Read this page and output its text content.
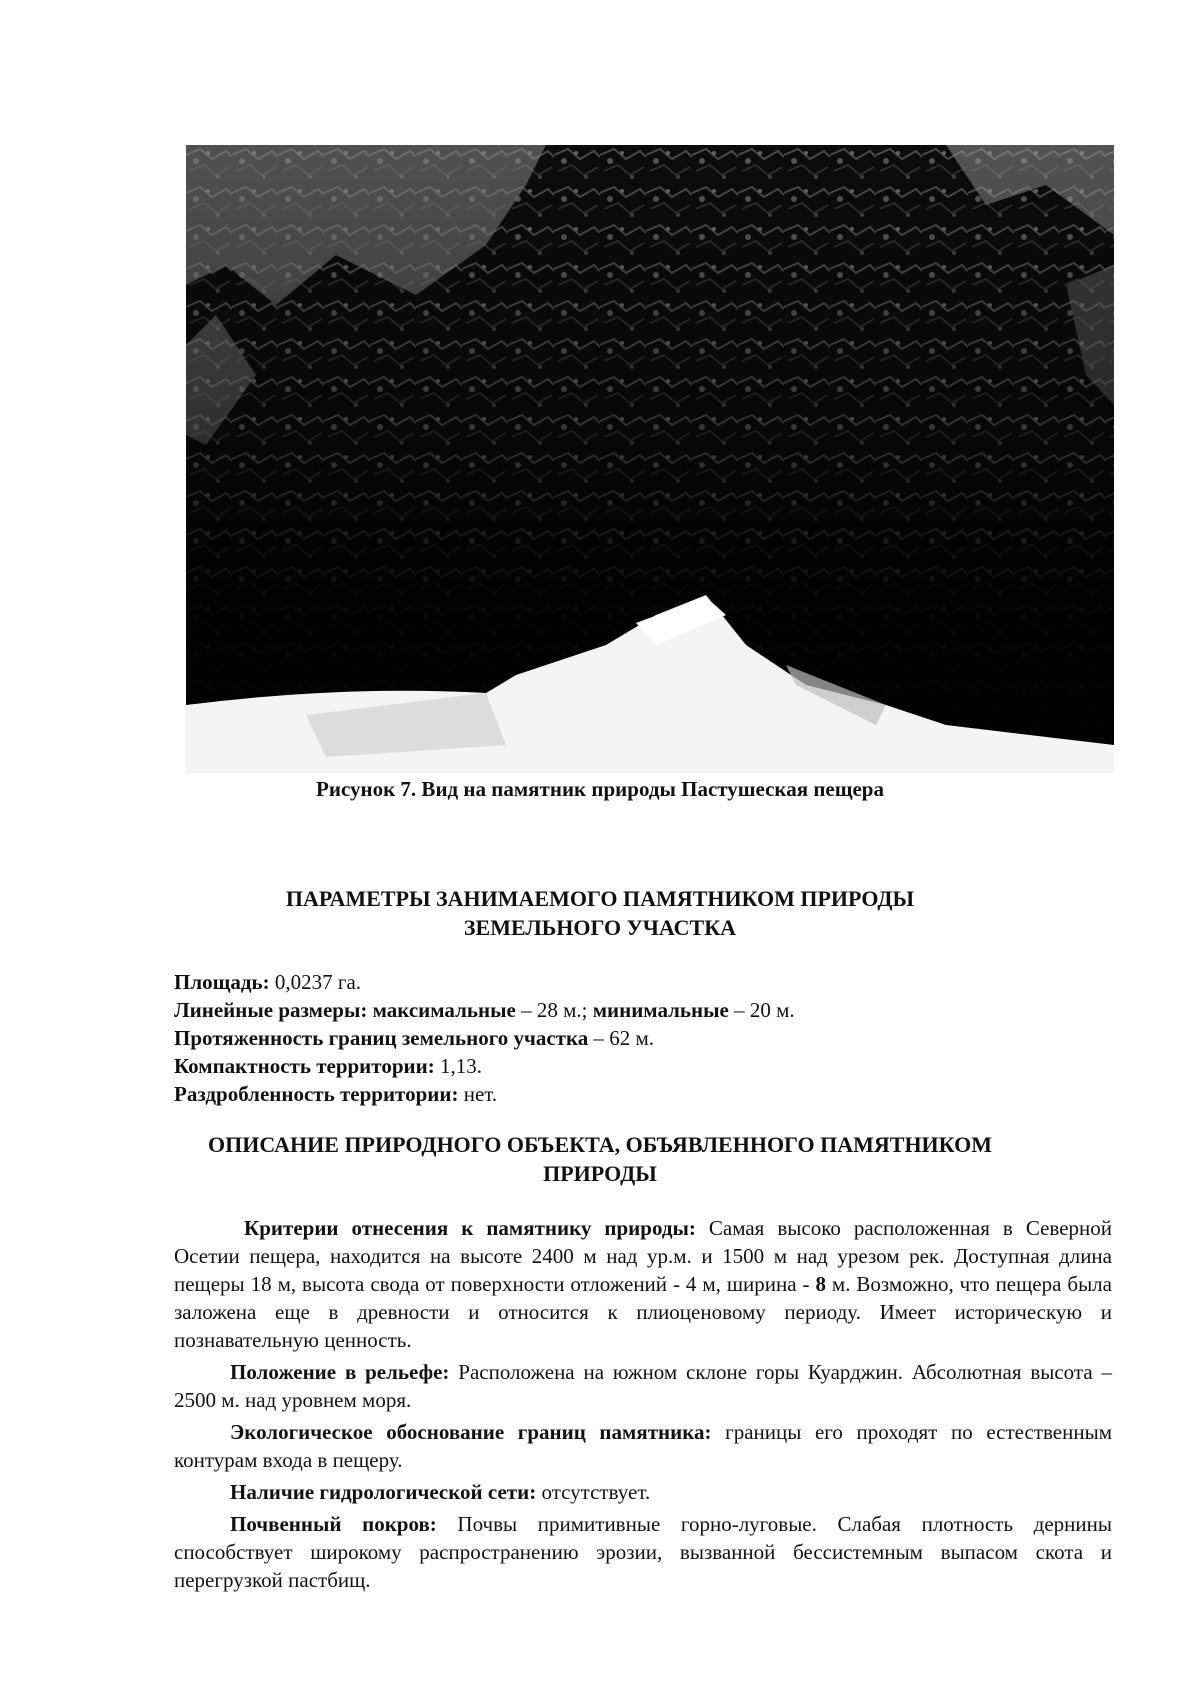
Рисунок 7. Вид на памятник природы Пастушеская пещера
ПАРАМЕТРЫ ЗАНИМАЕМОГО ПАМЯТНИКОМ ПРИРОДЫ
ЗЕМЕЛЬНОГО УЧАСТКА
Площадь: 0,0237 га.
Линейные размеры: максимальные – 28 м.; минимальные – 20 м.
Протяженность границ земельного участка – 62 м.
Компактность территории: 1,13.
Раздробленность территории: нет.
ОПИСАНИЕ ПРИРОДНОГО ОБЪЕКТА, ОБЪЯВЛЕННОГО ПАМЯТНИКОМ
ПРИРОДЫ

Критерии отнесения к памятнику природы: Самая высоко расположенная в Северной Осетии пещера, находится на высоте 2400 м над ур.м. и 1500 м над урезом рек. Доступная длина пещеры 18 м, высота свода от поверхности отложений - 4 м, ширина - 8 м. Возможно, что пещера была заложена еще в древности и относится к плиоценовому периоду. Имеет историческую и познавательную ценность.

Положение в рельефе: Расположена на южном склоне горы Куарджин. Абсолютная высота – 2500 м. над уровнем моря.

Экологическое обоснование границ памятника: границы его проходят по естественным контурам входа в пещеру.

Наличие гидрологической сети: отсутствует.

Почвенный покров: Почвы примитивные горно-луговые. Слабая плотность дернины способствует широкому распространению эрозии, вызванной бессистемным выпасом скота и перегрузкой пастбищ.
